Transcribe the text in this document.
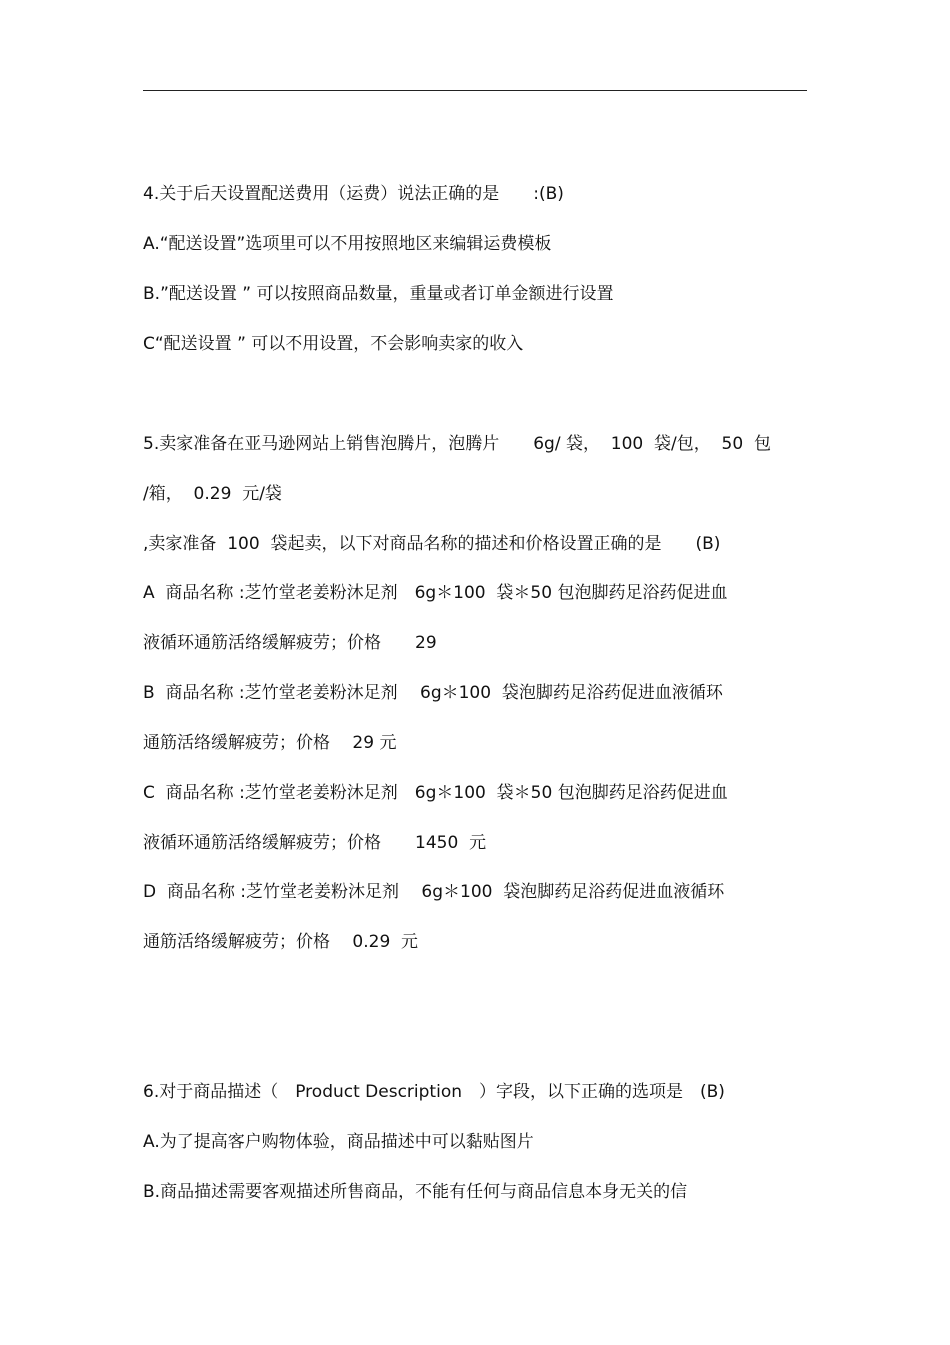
4.关于后天设置配送费用（运费）说法正确的是　　:(B)
A.“配送设置”选项里可以不用按照地区来编辑运费模板
B.”配送设置 ” 可以按照商品数量，重量或者订单金额进行设置
C“配送设置 ” 可以不用设置，不会影响卖家的收入
5.卖家准备在亚马逊网站上销售泡腾片，泡腾片　　6g/ 袋，  100  袋/包，  50  包
/箱，  0.29  元/袋
,卖家准备  100  袋起卖，以下对商品名称的描述和价格设置正确的是　　(B)
A  商品名称 :芝竹堂老姜粉沐足剂　6g＊100  袋＊50 包泡脚药足浴药促进血
液循环通筋活络缓解疲劳；价格　　29
B  商品名称 :芝竹堂老姜粉沐足剂　 6g＊100  袋泡脚药足浴药促进血液循环
通筋活络缓解疲劳；价格　 29 元
C  商品名称 :芝竹堂老姜粉沐足剂　6g＊100  袋＊50 包泡脚药足浴药促进血
液循环通筋活络缓解疲劳；价格　　1450  元
D  商品名称 :芝竹堂老姜粉沐足剂　 6g＊100  袋泡脚药足浴药促进血液循环
通筋活络缓解疲劳；价格　 0.29  元
6.对于商品描述（　Product Description　）字段，以下正确的选项是　(B)
A.为了提高客户购物体验，商品描述中可以黏贴图片
B.商品描述需要客观描述所售商品，不能有任何与商品信息本身无关的信
